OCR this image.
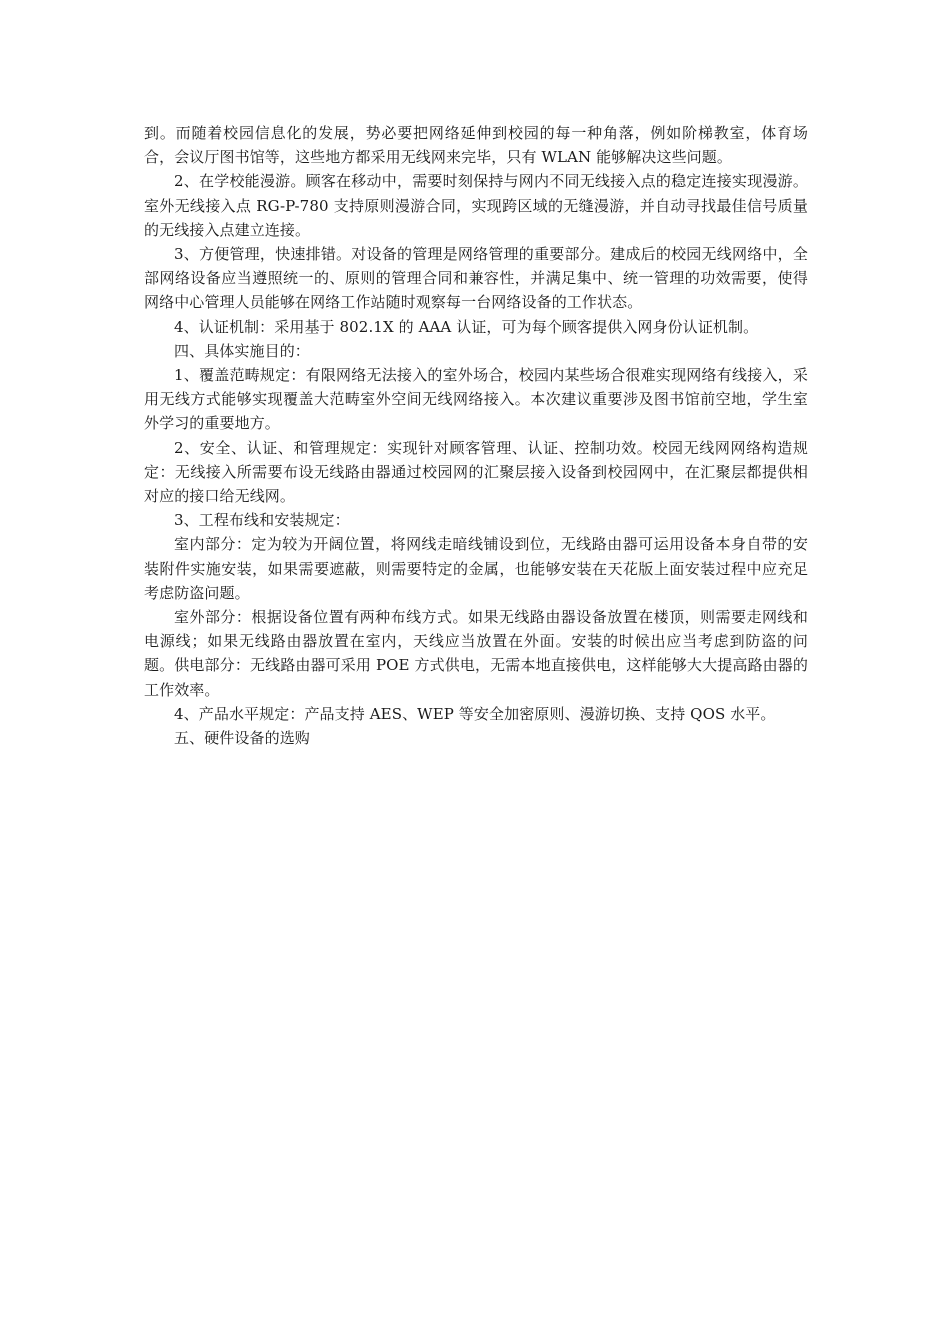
到。而随着校园信息化的发展，势必要把网络延伸到校园的每一种角落，例如阶梯教室，体育场合，会议厅图书馆等，这些地方都采用无线网来完毕，只有 WLAN 能够解决这些问题。

2、在学校能漫游。顾客在移动中，需要时刻保持与网内不同无线接入点的稳定连接实现漫游。室外无线接入点 RG-P-780 支持原则漫游合同，实现跨区域的无缝漫游，并自动寻找最佳信号质量的无线接入点建立连接。

3、方便管理，快速排错。对设备的管理是网络管理的重要部分。建成后的校园无线网络中，全部网络设备应当遵照统一的、原则的管理合同和兼容性，并满足集中、统一管理的功效需要，使得网络中心管理人员能够在网络工作站随时观察每一台网络设备的工作状态。

4、认证机制：采用基于 802.1X 的 AAA 认证，可为每个顾客提供入网身份认证机制。

四、具体实施目的：

1、覆盖范畴规定：有限网络无法接入的室外场合，校园内某些场合很难实现网络有线接入，采用无线方式能够实现覆盖大范畴室外空间无线网络接入。本次建议重要涉及图书馆前空地，学生室外学习的重要地方。

2、安全、认证、和管理规定：实现针对顾客管理、认证、控制功效。校园无线网网络构造规定：无线接入所需要布设无线路由器通过校园网的汇聚层接入设备到校园网中，在汇聚层都提供相对应的接口给无线网。

3、工程布线和安装规定：

室内部分：定为较为开阔位置，将网线走暗线铺设到位，无线路由器可运用设备本身自带的安装附件实施安装，如果需要遮蔽，则需要特定的金属，也能够安装在天花版上面安装过程中应充足考虑防盗问题。

室外部分：根据设备位置有两种布线方式。如果无线路由器设备放置在楼顶，则需要走网线和电源线；如果无线路由器放置在室内，天线应当放置在外面。安装的时候出应当考虑到防盗的问题。供电部分：无线路由器可采用 POE 方式供电，无需本地直接供电，这样能够大大提高路由器的工作效率。

4、产品水平规定：产品支持 AES、WEP 等安全加密原则、漫游切换、支持 QOS 水平。

五、硬件设备的选购
